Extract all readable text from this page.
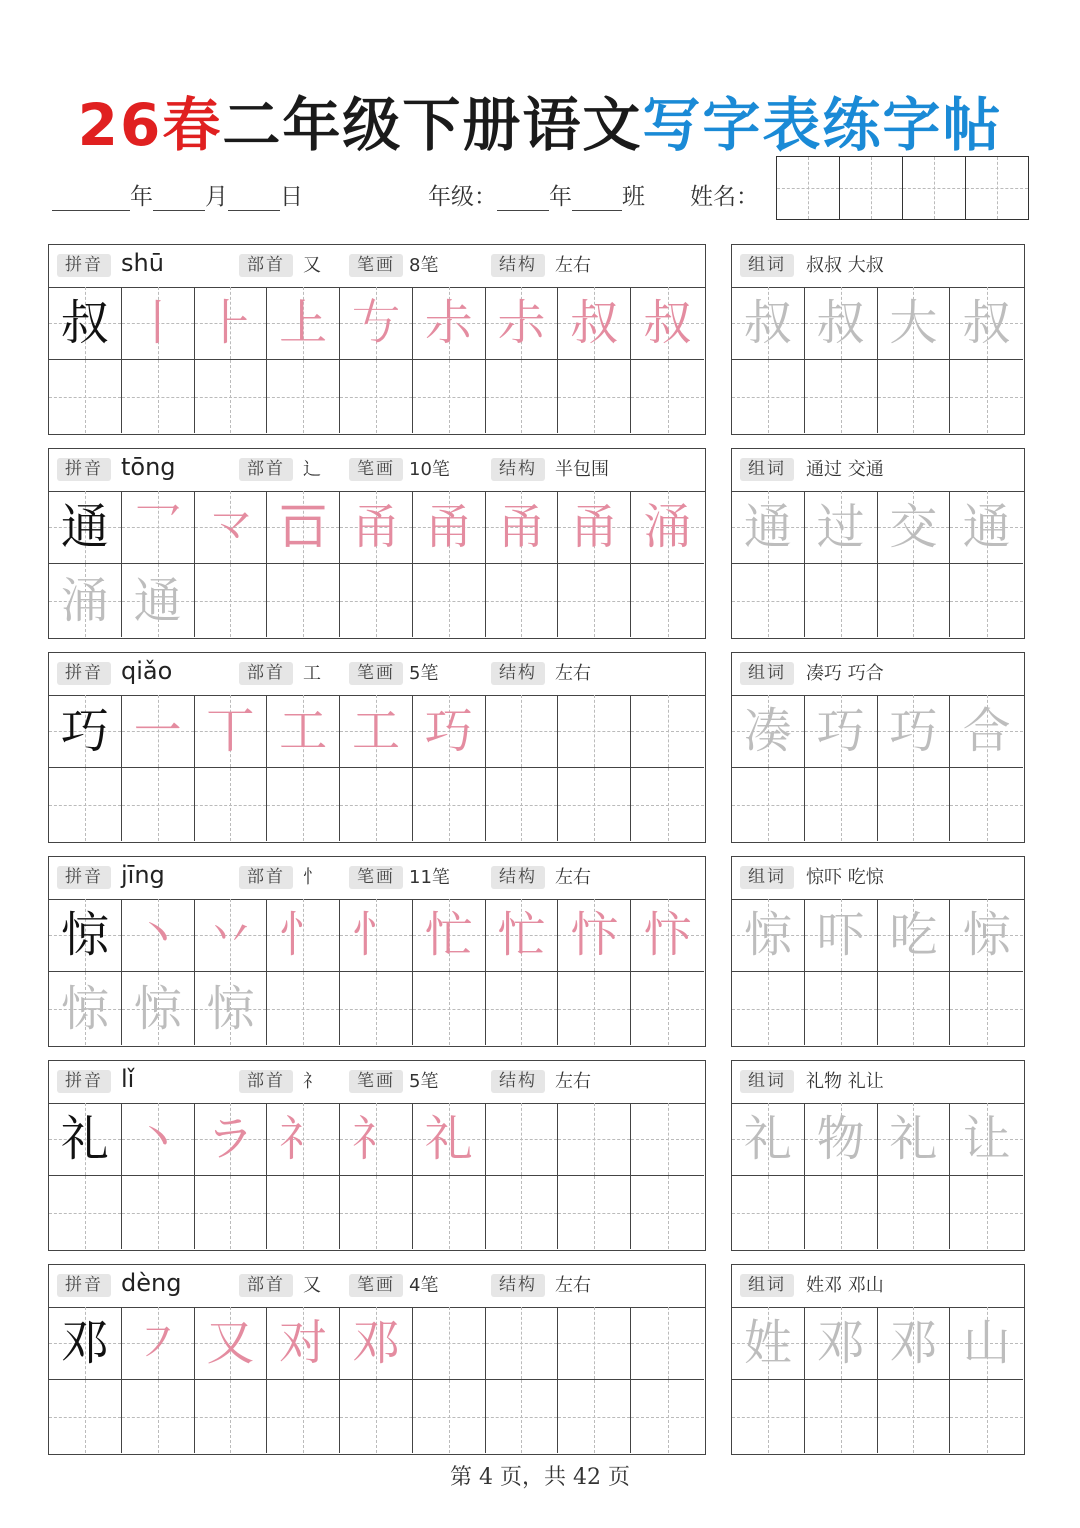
26春二年级下册语文写字表练字帖
年 月 日	年级： 年 班 姓名：
拼音 shū	部首	又	笔画 8笔	结构	左右
叔 丨 ⺊ 上 𠀁 尗 尗 叔 叔
组词	叔叔 大叔
叔 叔 大 叔
拼音 tōng	部首	辶	笔画 10笔	结构	半包围
通 乛 龴 𠮛 甬 甬 甬 甬 涌
涌 通
组词	通过 交通
通 过 交 通
拼音 qiǎo	部首	工	笔画 5笔	结构	左右
巧 一 丅 工 工 巧
组词	凑巧 巧合
凑 巧 巧 合
拼音 jīng	部首	忄	笔画 11笔	结构	左右
惊 丶 丷 忄 忄 忙 忙 忭 忭
惊 惊 惊
组词	惊吓 吃惊
惊 吓 吃 惊
拼音 lǐ	部首	礻	笔画 5笔	结构	左右
礼 丶 ラ 礻 礻 礼
组词	礼物 礼让
礼 物 礼 让
拼音 dèng	部首	又	笔画 4笔	结构	左右
邓 ㇇ 又 对 邓
组词	姓邓 邓山
姓 邓 邓 山
第 4 页，共 42 页
